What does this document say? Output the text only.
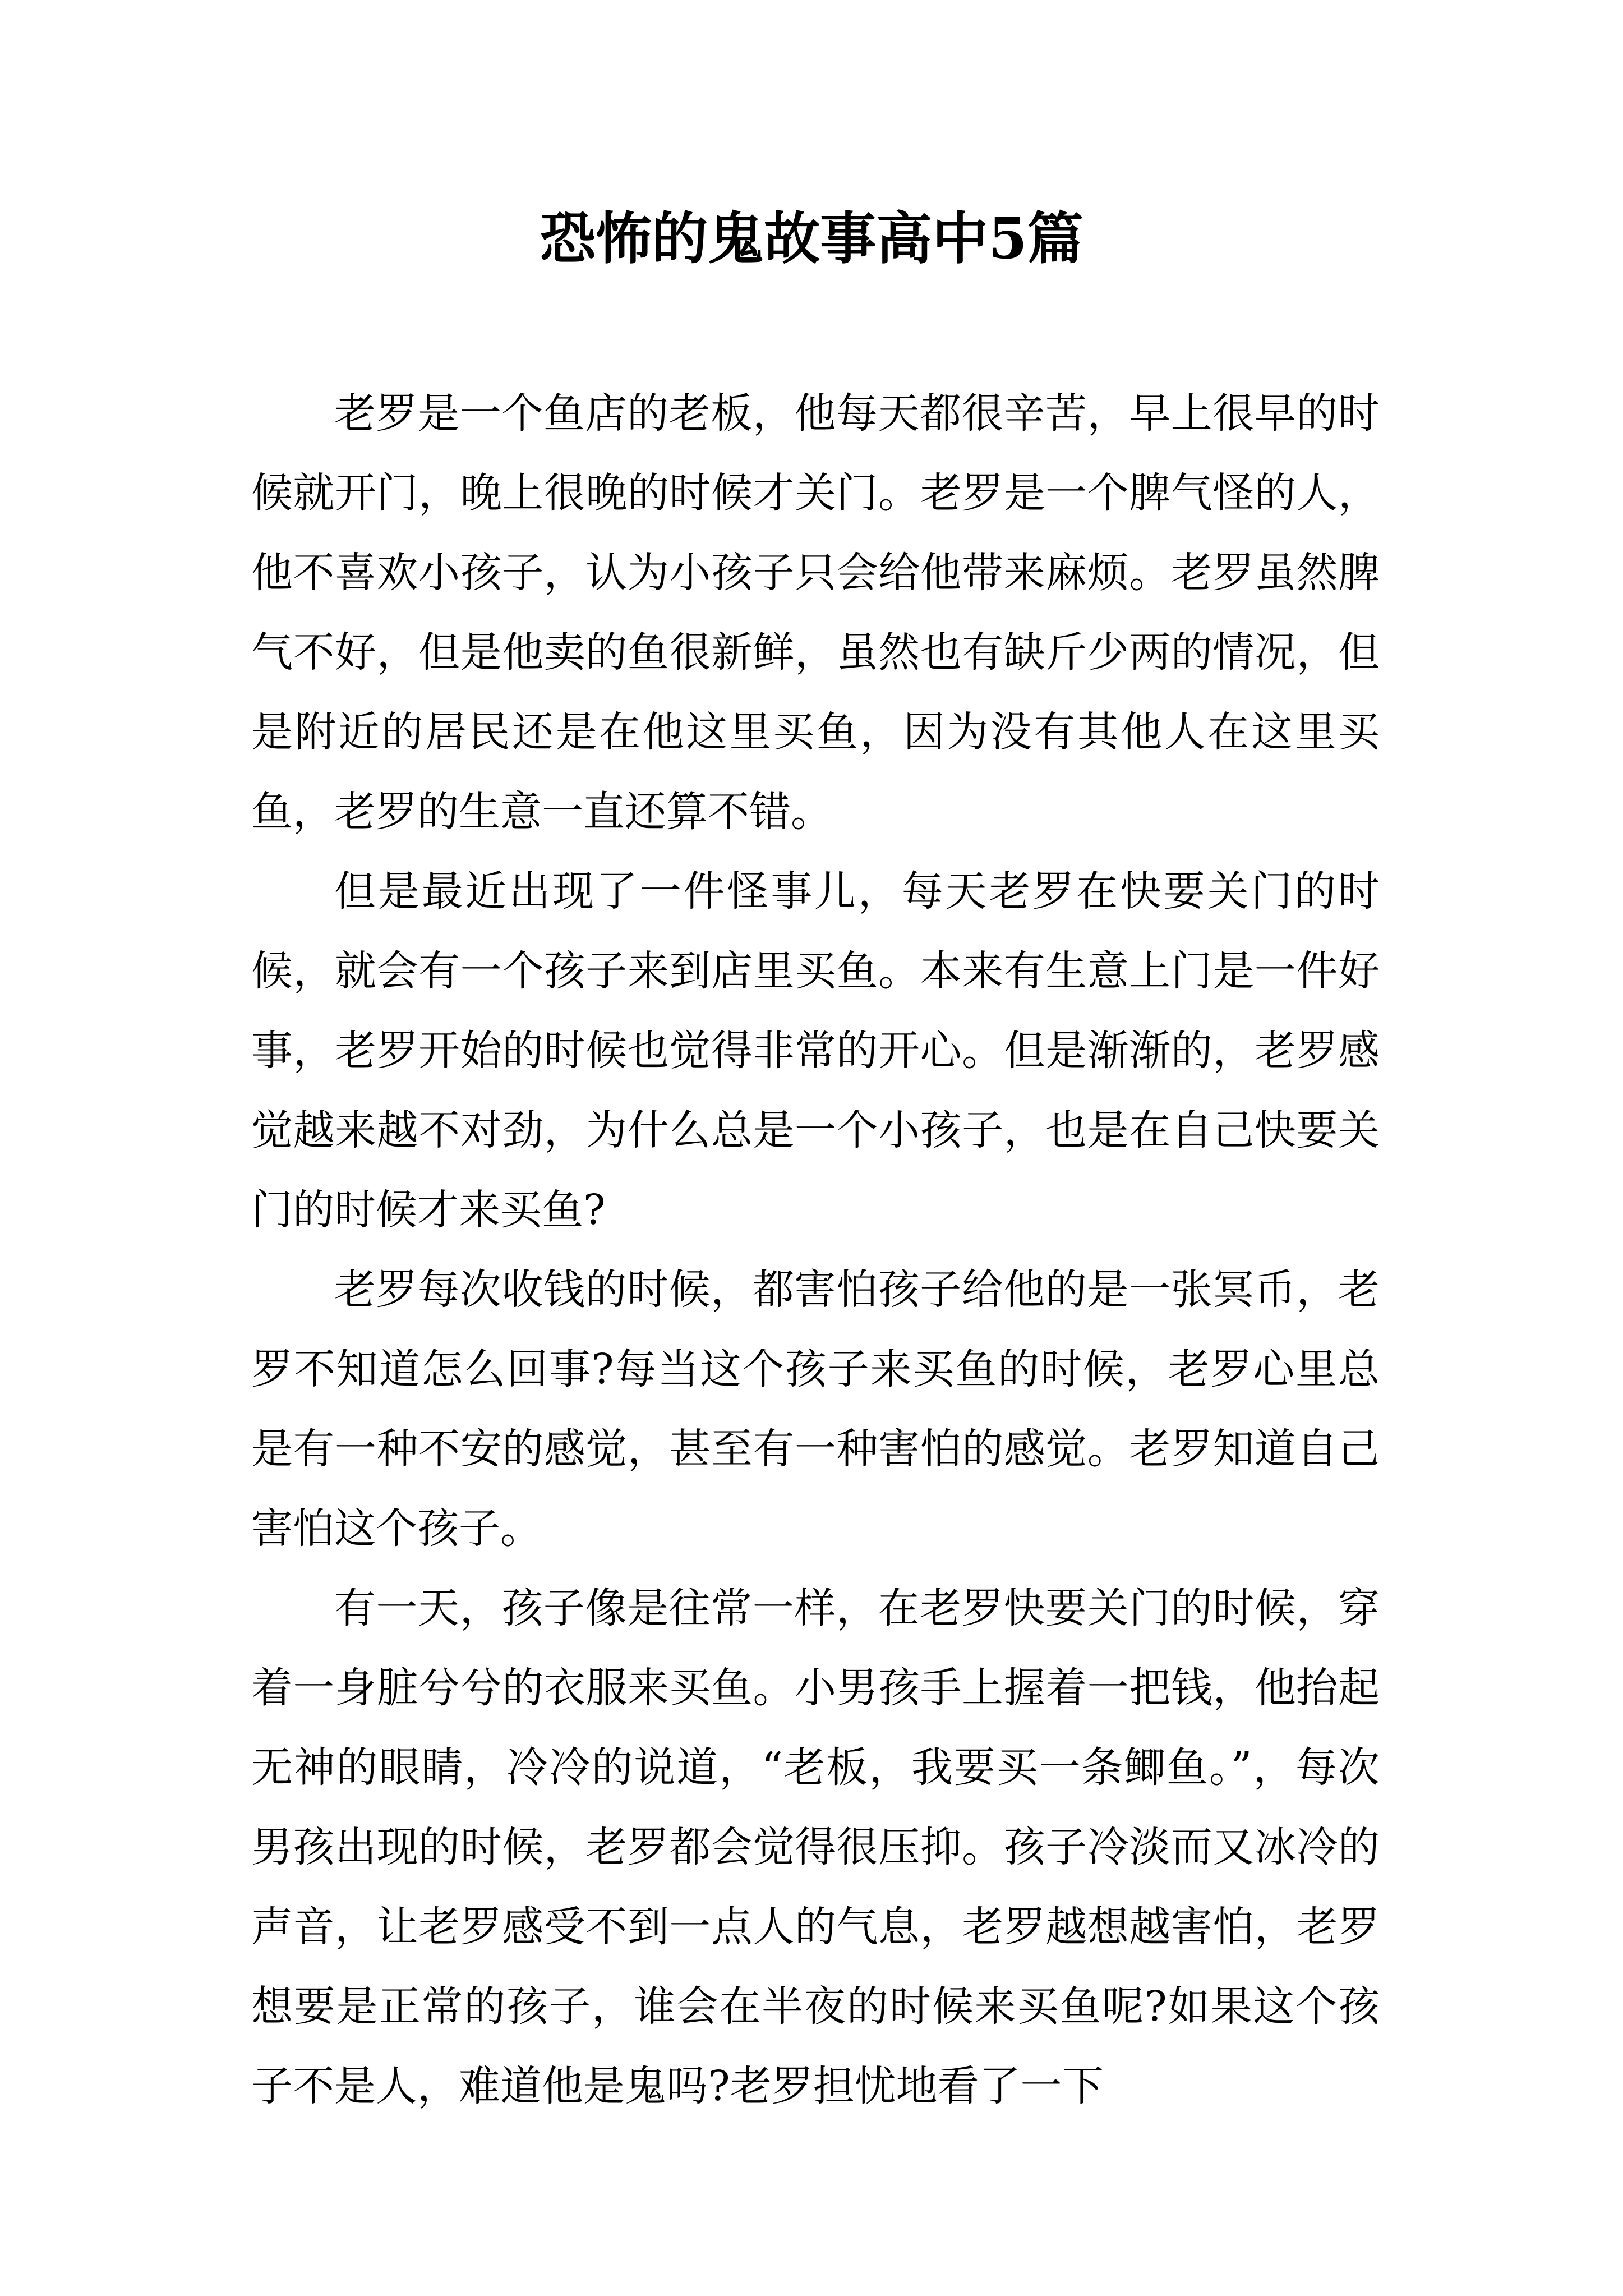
恐怖的鬼故事高中5篇

老罗是一个鱼店的老板，他每天都很辛苦，早上很早的时候就开门，晚上很晚的时候才关门。老罗是一个脾气怪的人，他不喜欢小孩子，认为小孩子只会给他带来麻烦。老罗虽然脾气不好，但是他卖的鱼很新鲜，虽然也有缺斤少两的情况，但是附近的居民还是在他这里买鱼，因为没有其他人在这里买鱼，老罗的生意一直还算不错。

但是最近出现了一件怪事儿，每天老罗在快要关门的时候，就会有一个孩子来到店里买鱼。本来有生意上门是一件好事，老罗开始的时候也觉得非常的开心。但是渐渐的，老罗感觉越来越不对劲，为什么总是一个小孩子，也是在自己快要关门的时候才来买鱼?

老罗每次收钱的时候，都害怕孩子给他的是一张冥币，老罗不知道怎么回事?每当这个孩子来买鱼的时候，老罗心里总是有一种不安的感觉，甚至有一种害怕的感觉。老罗知道自己害怕这个孩子。

有一天，孩子像是往常一样，在老罗快要关门的时候，穿着一身脏兮兮的衣服来买鱼。小男孩手上握着一把钱，他抬起无神的眼睛，冷冷的说道，“老板，我要买一条鲫鱼。”，每次男孩出现的时候，老罗都会觉得很压抑。孩子冷淡而又冰冷的声音，让老罗感受不到一点人的气息，老罗越想越害怕，老罗想要是正常的孩子，谁会在半夜的时候来买鱼呢?如果这个孩子不是人，难道他是鬼吗?老罗担忧地看了一下
